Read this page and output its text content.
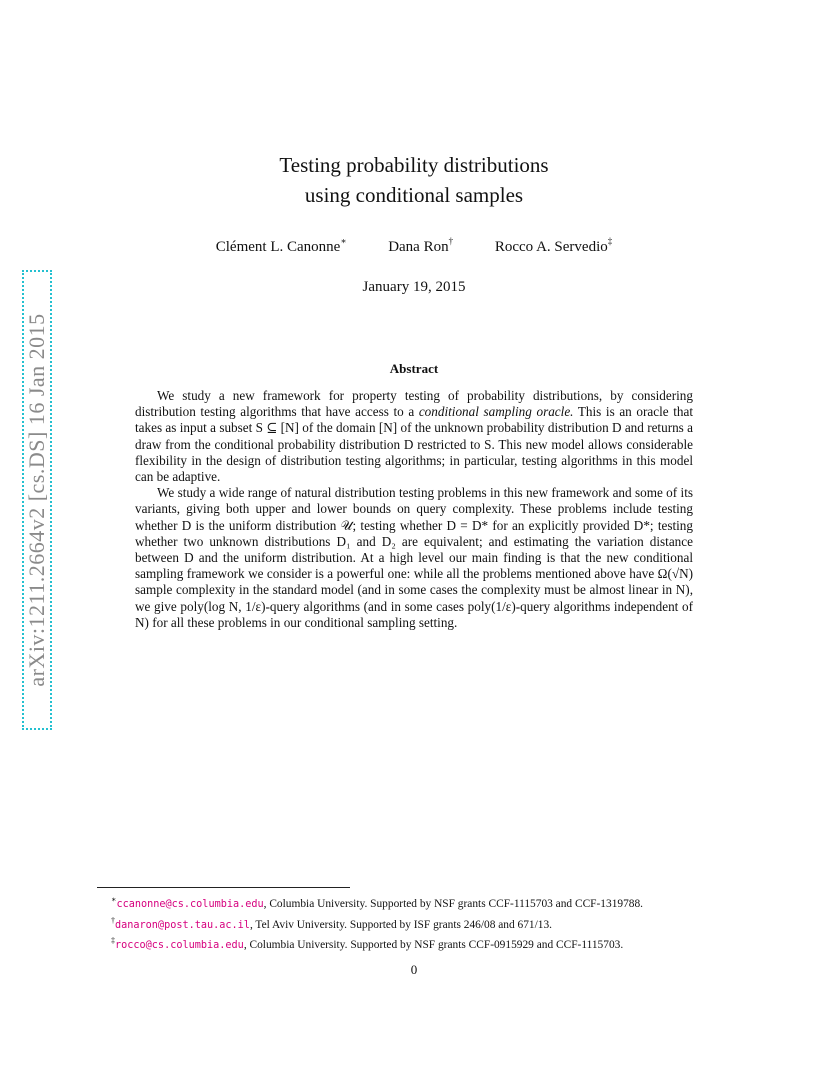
arXiv:1211.2664v2 [cs.DS] 16 Jan 2015
Testing probability distributions
using conditional samples
Clément L. Canonne∗	Dana Ron†	Rocco A. Servedio‡
January 19, 2015
Abstract

We study a new framework for property testing of probability distributions, by considering distribution testing algorithms that have access to a conditional sampling oracle. This is an oracle that takes as input a subset S ⊆ [N] of the domain [N] of the unknown probability distribution D and returns a draw from the conditional probability distribution D restricted to S. This new model allows considerable flexibility in the design of distribution testing algorithms; in particular, testing algorithms in this model can be adaptive.

We study a wide range of natural distribution testing problems in this new framework and some of its variants, giving both upper and lower bounds on query complexity. These problems include testing whether D is the uniform distribution 𝒰; testing whether D = D* for an explicitly provided D*; testing whether two unknown distributions D₁ and D₂ are equivalent; and estimating the variation distance between D and the uniform distribution. At a high level our main finding is that the new conditional sampling framework we consider is a powerful one: while all the problems mentioned above have Ω(√N) sample complexity in the standard model (and in some cases the complexity must be almost linear in N), we give poly(log N, 1/ε)-query algorithms (and in some cases poly(1/ε)-query algorithms independent of N) for all these problems in our conditional sampling setting.

∗ccanonne@cs.columbia.edu, Columbia University. Supported by NSF grants CCF-1115703 and CCF-1319788.
†danaron@post.tau.ac.il, Tel Aviv University. Supported by ISF grants 246/08 and 671/13.
‡rocco@cs.columbia.edu, Columbia University. Supported by NSF grants CCF-0915929 and CCF-1115703.
0
